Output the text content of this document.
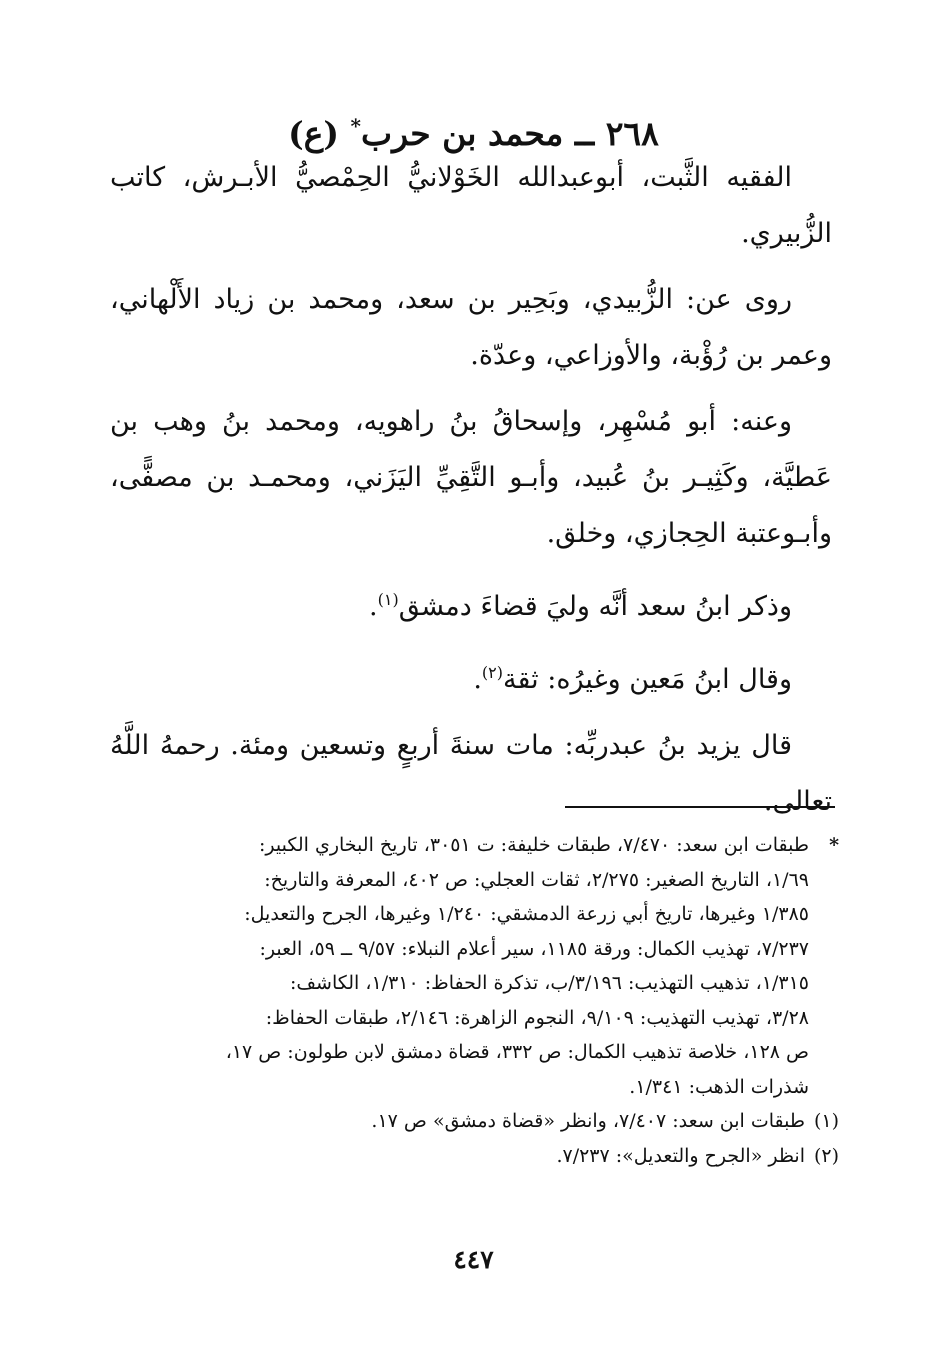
٢٦٨ ــ محمد بن حرب* (ع)

الفقيه الثَّبت، أبوعبدالله الخَوْلانيُّ الحِمْصيُّ الأبـرش، كاتب الزُّبيري.

روى عن: الزُّبيدي، وبَحِير بن سعد، ومحمد بن زياد الأَلْهاني، وعمر بن رُؤْبة، والأوزاعي، وعدّة.

وعنه: أبو مُسْهِر، وإسحاقُ بنُ راهويه، ومحمد بنُ وهب بن عَطيَّة، وكَثِيـر بنُ عُبيد، وأبـو التَّقِيِّ اليَزَني، ومحمـد بن مصفًّى، وأبـوعتبة الحِجازي، وخلق.

وذكر ابنُ سعد أنَّه وليَ قضاءَ دمشق$^{(١)}$.

وقال ابنُ مَعين وغيرُه: ثقة$^{(٢)}$.

قال يزيد بنُ عبدربِّه: مات سنةَ أربعٍ وتسعين ومئة. رحمهُ اللَّهُ تعالى.

*

طبقات ابن سعد: ٧/٤٧٠، طبقات خليفة: ت ٣٠٥١، تاريخ البخاري الكبير:

١/٦٩، التاريخ الصغير: ٢/٢٧٥، ثقات العجلي: ص ٤٠٢، المعرفة والتاريخ:

١/٣٨٥ وغيرها، تاريخ أبي زرعة الدمشقي: ١/٢٤٠ وغيرها، الجرح والتعديل:

٧/٢٣٧، تهذيب الكمال: ورقة ١١٨٥، سير أعلام النبلاء: ٩/٥٧ ــ ٥٩، العبر:

١/٣١٥، تذهيب التهذيب: ٣/١٩٦/ب، تذكرة الحفاظ: ١/٣١٠، الكاشف:

٣/٢٨، تهذيب التهذيب: ٩/١٠٩، النجوم الزاهرة: ٢/١٤٦، طبقات الحفاظ:

ص ١٢٨، خلاصة تذهيب الكمال: ص ٣٣٢، قضاة دمشق لابن طولون: ص ١٧،

شذرات الذهب: ١/٣٤١.

(١)
طبقات ابن سعد: ٧/٤٠٧، وانظر «قضاة دمشق» ص ١٧.
(٢)
انظر «الجرح والتعديل»: ٧/٢٣٧.
٤٤٧
